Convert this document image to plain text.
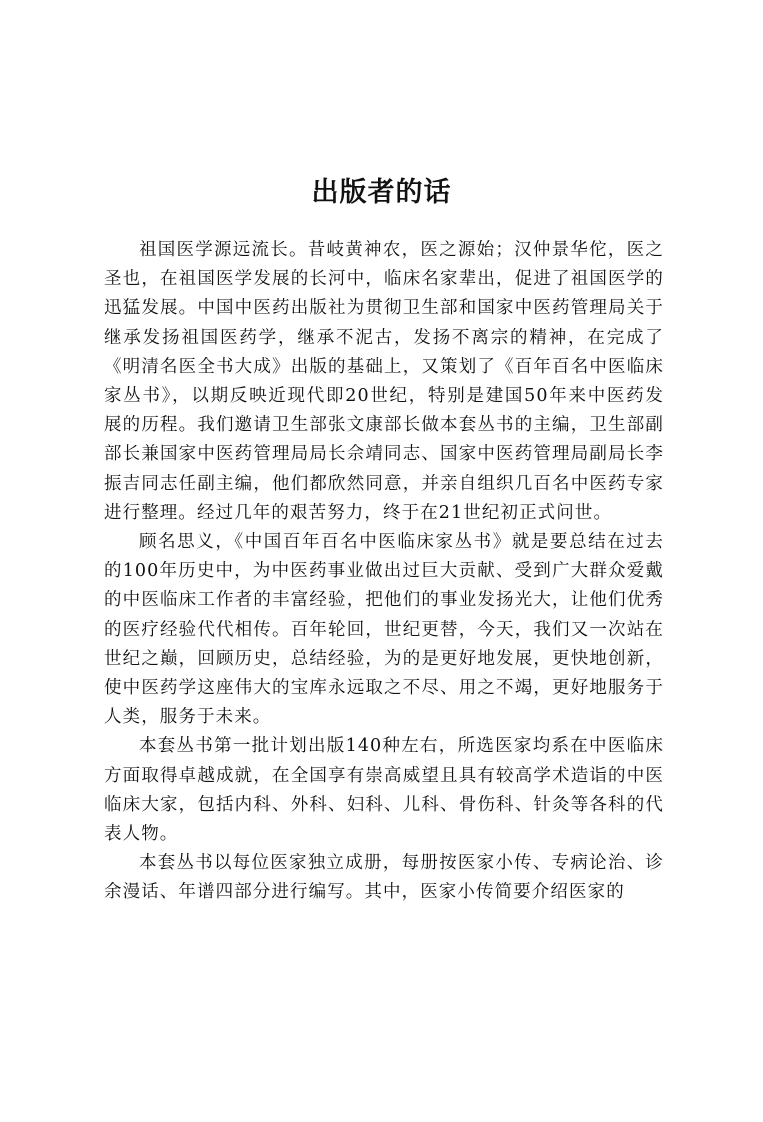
出版者的话

祖国医学源远流长。昔岐黄神农，医之源始；汉仲景华佗，医之圣也，在祖国医学发展的长河中，临床名家辈出，促进了祖国医学的迅猛发展。中国中医药出版社为贯彻卫生部和国家中医药管理局关于继承发扬祖国医药学，继承不泥古，发扬不离宗的精神，在完成了《明清名医全书大成》出版的基础上，又策划了《百年百名中医临床家丛书》，以期反映近现代即20世纪，特别是建国50年来中医药发展的历程。我们邀请卫生部张文康部长做本套丛书的主编，卫生部副部长兼国家中医药管理局局长佘靖同志、国家中医药管理局副局长李振吉同志任副主编，他们都欣然同意，并亲自组织几百名中医药专家进行整理。经过几年的艰苦努力，终于在21世纪初正式问世。

顾名思义，《中国百年百名中医临床家丛书》就是要总结在过去的100年历史中，为中医药事业做出过巨大贡献、受到广大群众爱戴的中医临床工作者的丰富经验，把他们的事业发扬光大，让他们优秀的医疗经验代代相传。百年轮回，世纪更替，今天，我们又一次站在世纪之巅，回顾历史，总结经验，为的是更好地发展，更快地创新，使中医药学这座伟大的宝库永远取之不尽、用之不竭，更好地服务于人类，服务于未来。

本套丛书第一批计划出版140种左右，所选医家均系在中医临床方面取得卓越成就，在全国享有崇高威望且具有较高学术造诣的中医临床大家，包括内科、外科、妇科、儿科、骨伤科、针灸等各科的代表人物。

本套丛书以每位医家独立成册，每册按医家小传、专病论治、诊余漫话、年谱四部分进行编写。其中，医家小传简要介绍医家的
